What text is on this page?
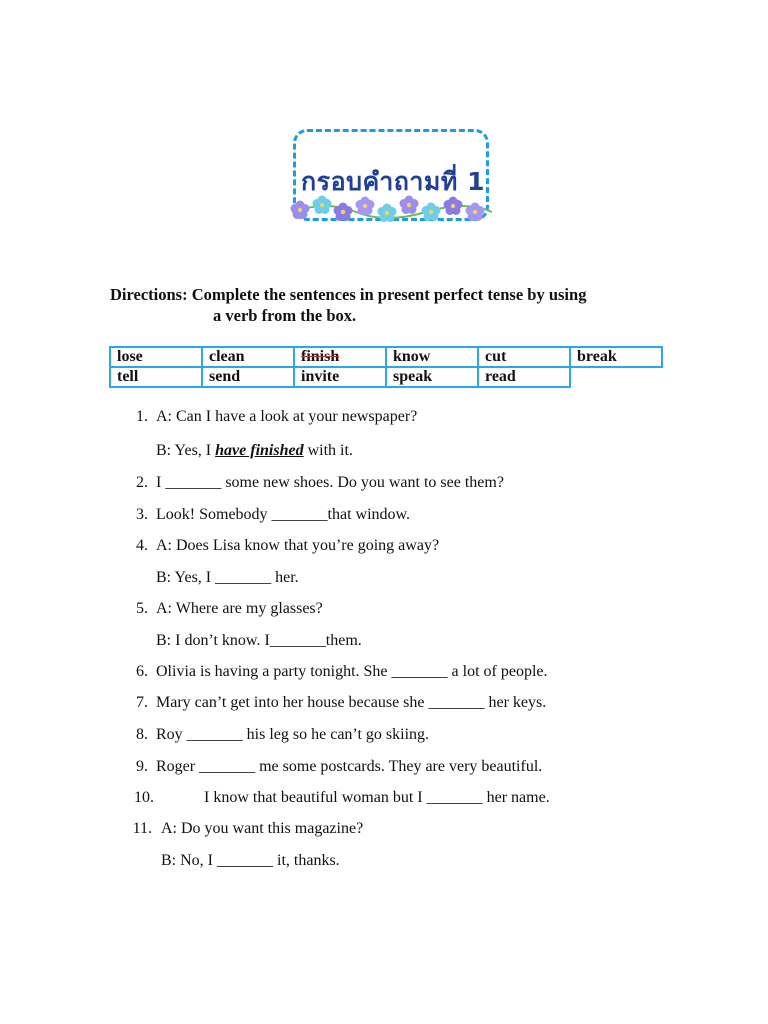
กรอบคำถามที่ 1
Directions: Complete the sentences in present perfect tense by using
a verb from the box.
lose	clean	finish	know	cut	break
tell	send	invite	speak	read	
1. A: Can I have a look at your newspaper?
B: Yes, I have finished with it.
2. I _______ some new shoes. Do you want to see them?
3. Look! Somebody _______that window.
4. A: Does Lisa know that you’re going away?
B: Yes, I _______ her.
5. A: Where are my glasses?
B: I don’t know. I_______them.
6. Olivia is having a party tonight. She _______ a lot of people.
7. Mary can’t get into her house because she _______ her keys.
8. Roy _______ his leg so he can’t go skiing.
9. Roger _______ me some postcards. They are very beautiful.
10.	I know that beautiful woman but I _______ her name.
11. A: Do you want this magazine?
B: No, I _______ it, thanks.
